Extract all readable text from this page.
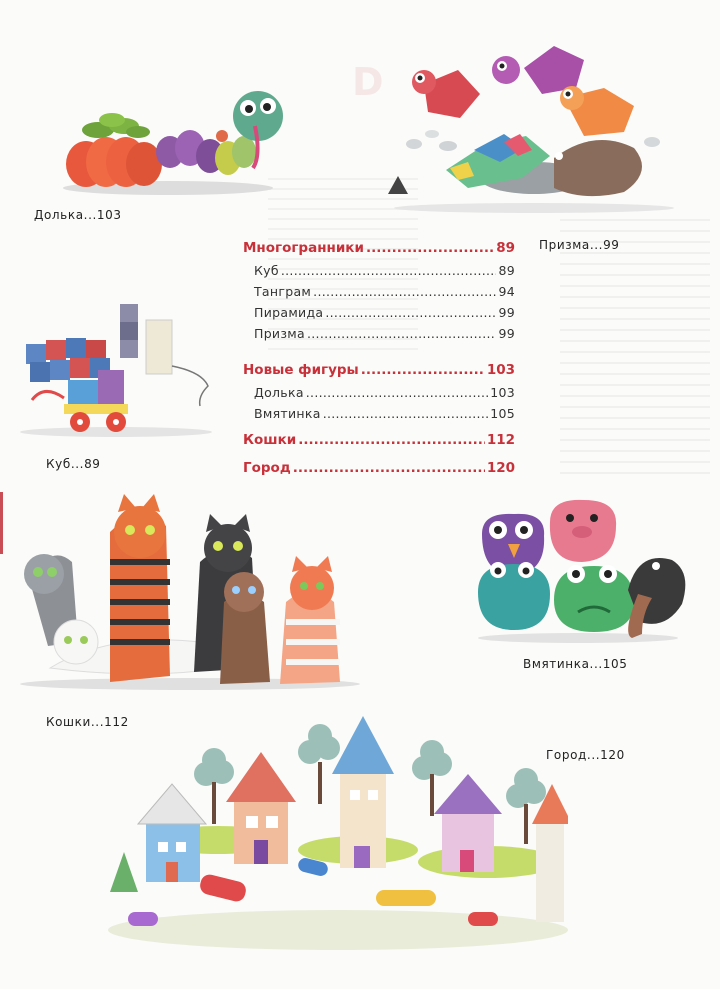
D
Долька...103
Призма...99
Многогранники .....	89
Куб .....	89
Танграм .....	94
Пирамида .....	99
Призма .....	99
Новые фигуры .....	103
Долька .....	103
Вмятинка .....	105
Кошки .....	112
Город .....	120
Куб...89
Вмятинка...105
Кошки...112
Город...120
